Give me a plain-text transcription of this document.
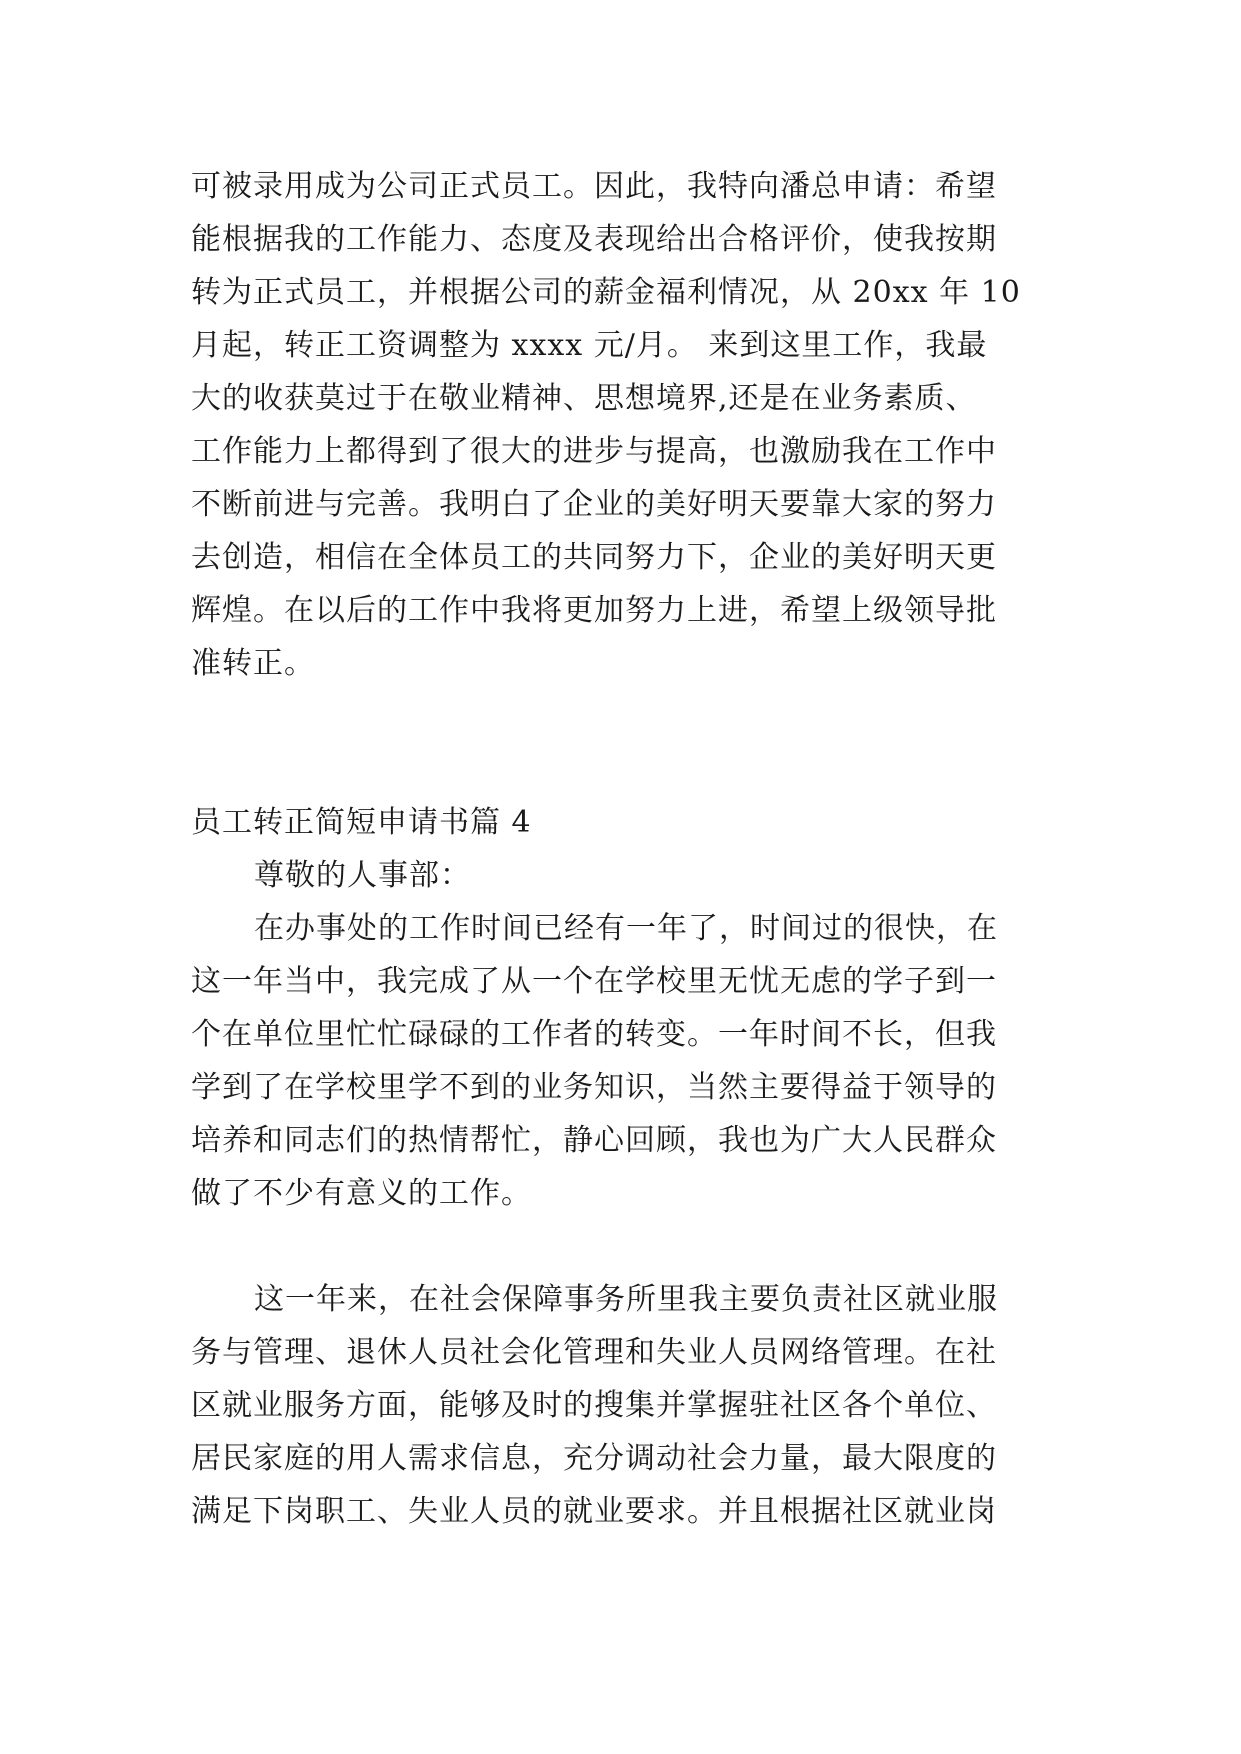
可被录用成为公司正式员工。因此，我特向潘总申请：希望
能根据我的工作能力、态度及表现给出合格评价，使我按期
转为正式员工，并根据公司的薪金福利情况，从 20xx 年 10
月起，转正工资调整为 xxxx 元/月。 来到这里工作，我最
大的收获莫过于在敬业精神、思想境界,还是在业务素质、
工作能力上都得到了很大的进步与提高，也激励我在工作中
不断前进与完善。我明白了企业的美好明天要靠大家的努力
去创造，相信在全体员工的共同努力下，企业的美好明天更
辉煌。在以后的工作中我将更加努力上进，希望上级领导批
准转正。
员工转正简短申请书篇 4
尊敬的人事部：
在办事处的工作时间已经有一年了，时间过的很快，在
这一年当中，我完成了从一个在学校里无忧无虑的学子到一
个在单位里忙忙碌碌的工作者的转变。一年时间不长，但我
学到了在学校里学不到的业务知识，当然主要得益于领导的
培养和同志们的热情帮忙，静心回顾，我也为广大人民群众
做了不少有意义的工作。
这一年来，在社会保障事务所里我主要负责社区就业服
务与管理、退休人员社会化管理和失业人员网络管理。在社
区就业服务方面，能够及时的搜集并掌握驻社区各个单位、
居民家庭的用人需求信息，充分调动社会力量，最大限度的
满足下岗职工、失业人员的就业要求。并且根据社区就业岗
